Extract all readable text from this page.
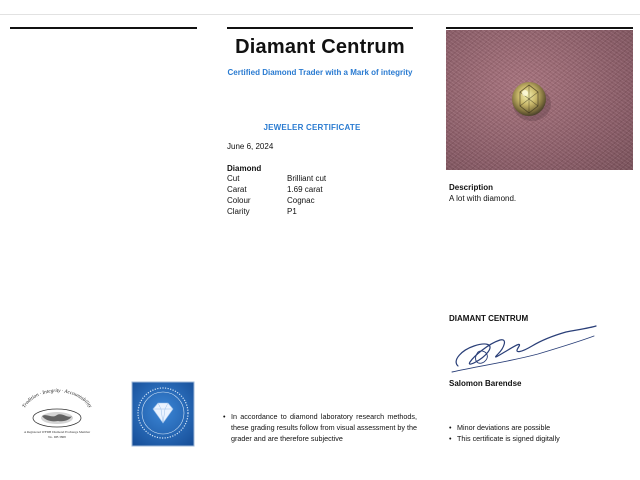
Diamant Centrum
Certified Diamond Trader with a Mark of integrity
JEWELER CERTIFICATE
June 6, 2024
Diamond
Cut	Brilliant cut
Carat	1.69 carat
Colour	Cognac
Clarity	P1
Description
A lot with diamond.
DIAMANT CENTRUM
Salomon Barendse
Tradition · Integrity · Accountability
A Registered WFDB Diamond Exchange Member
No. DB 3868
• In accordance to diamond laboratory research methods, these grading results follow from visual assessment by the grader and are therefore subjective
• Minor deviations are possible
• This certificate is signed digitally
